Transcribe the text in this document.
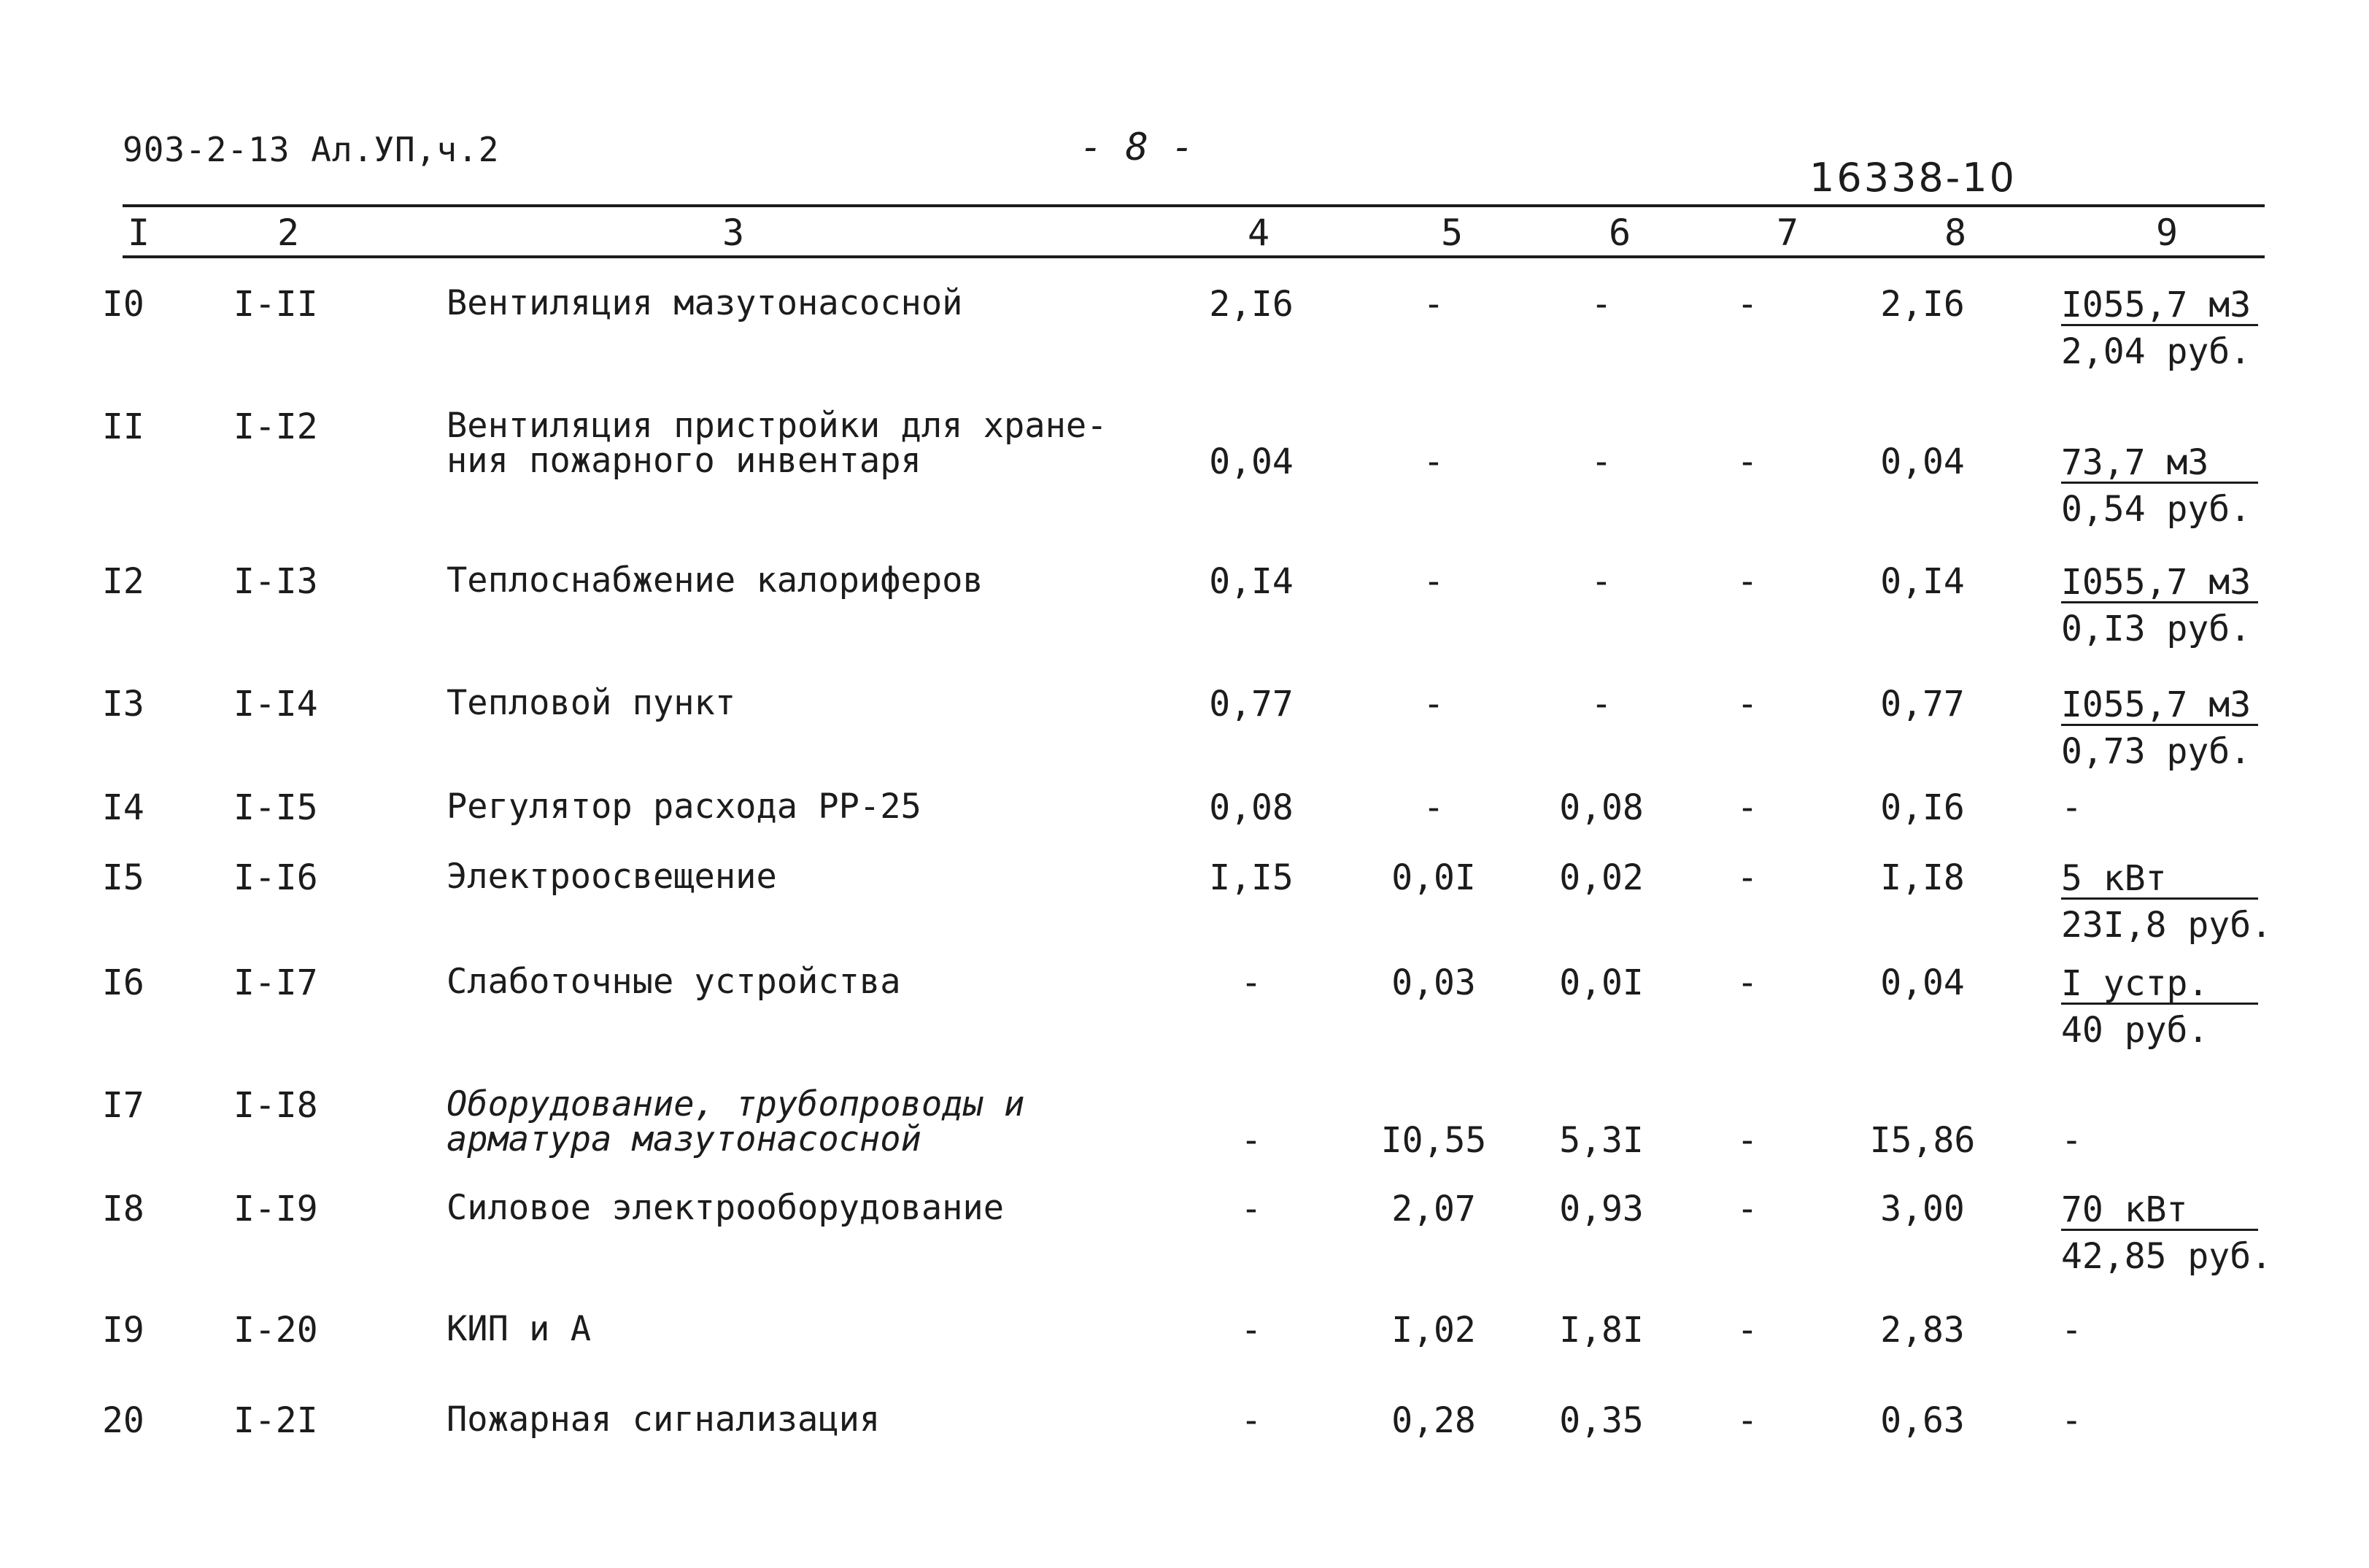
903-2-13 Ал.УП,ч.2	- 8 -
16338-10
I	2	3	4	5	6	7	8	9
I0	I-II	Вентиляция мазутонасосной	2,I6	-	-	-	2,I6	I055,7 м3
2,04 руб.
II	I-I2	Вентиляция пристройки для хране-ния пожарного инвентаря	0,04	-	-	-	0,04	73,7 м3
0,54 руб.
I2	I-I3	Теплоснабжение калориферов	0,I4	-	-	-	0,I4	I055,7 м3
0,I3 руб.
I3	I-I4	Тепловой пункт	0,77	-	-	-	0,77	I055,7 м3
0,73 руб.
I4	I-I5	Регулятор расхода РР-25	0,08	-	0,08	-	0,I6	-
I5	I-I6	Электроосвещение	I,I5	0,0I	0,02	-	I,I8	5 кВт
23I,8 руб.
I6	I-I7	Слаботочные устройства	-	0,03	0,0I	-	0,04	I устр.
40 руб.
I7	I-I8	Оборудование, трубопроводы и арматура мазутонасосной	-	I0,55	5,3I	-	I5,86	-
I8	I-I9	Силовое электрооборудование	-	2,07	0,93	-	3,00	70 кВт
42,85 руб.
I9	I-20	КИП и А	-	I,02	I,8I	-	2,83	-
20	I-2I	Пожарная сигнализация	-	0,28	0,35	-	0,63	-
